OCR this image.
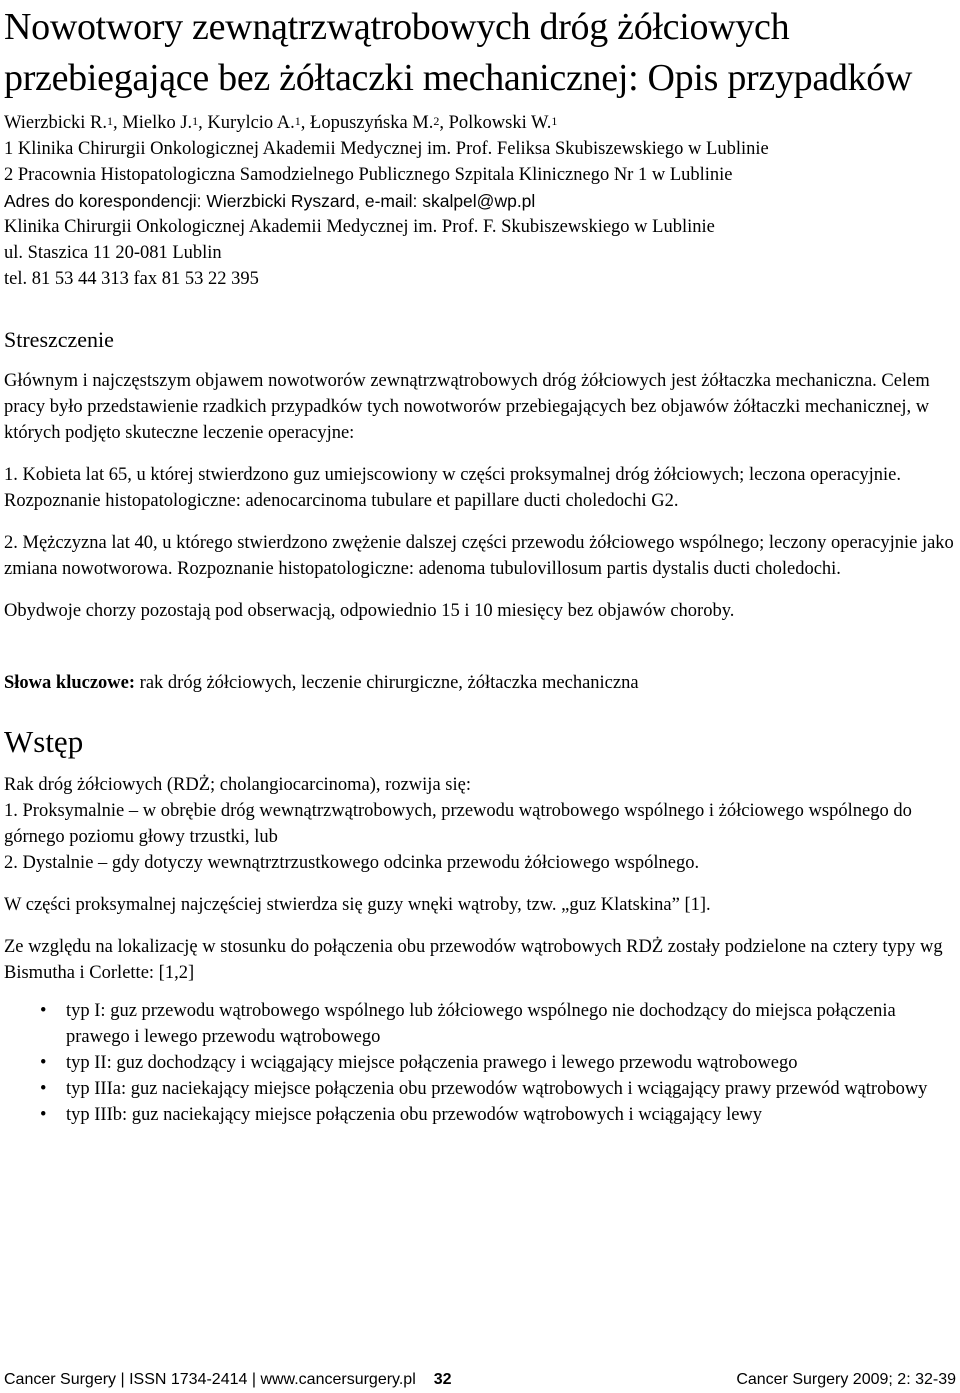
Nowotwory zewnątrzwątrobowych dróg żółciowych przebiegające bez żółtaczki mechanicznej: Opis przypadków
Wierzbicki R.$^1$, Mielko J.$^1$, Kurylcio A.$^1$, Łopuszyńska M.$^2$, Polkowski W.$^1$
1 Klinika Chirurgii Onkologicznej Akademii Medycznej im. Prof. Feliksa Skubiszewskiego w Lublinie
2 Pracownia Histopatologiczna Samodzielnego Publicznego Szpitala Klinicznego Nr 1 w Lublinie
Adres do korespondencji: Wierzbicki Ryszard, e-mail: skalpel@wp.pl
Klinika Chirurgii Onkologicznej Akademii Medycznej im. Prof. F. Skubiszewskiego w Lublinie
ul. Staszica 11 20-081 Lublin
tel. 81 53 44 313 fax 81 53 22 395
Streszczenie

Głównym i najczęstszym objawem nowotworów zewnątrzwątrobowych dróg żółciowych jest żółtaczka mechaniczna. Celem pracy było przedstawienie rzadkich przypadków tych nowotworów przebiegających bez objawów żółtaczki mechanicznej, w których podjęto skuteczne leczenie operacyjne:

1. Kobieta lat 65, u której stwierdzono guz umiejscowiony w części proksymalnej dróg żółciowych; leczona operacyjnie. Rozpoznanie histopatologiczne: adenocarcinoma tubulare et papillare ducti choledochi G2.

2. Mężczyzna lat 40, u którego stwierdzono zwężenie dalszej części przewodu żółciowego wspólnego; leczony operacyjnie jako zmiana nowotworowa. Rozpoznanie histopatologiczne: adenoma tubulovillosum partis dystalis ducti choledochi.

Obydwoje chorzy pozostają pod obserwacją, odpowiednio 15 i 10 miesięcy bez objawów choroby.

Słowa kluczowe: rak dróg żółciowych, leczenie chirurgiczne, żółtaczka mechaniczna

Wstęp

Rak dróg żółciowych (RDŻ; cholangiocarcinoma), rozwija się:

1. Proksymalnie – w obrębie dróg wewnątrzwątrobowych, przewodu wątrobowego wspólnego i żółciowego wspólnego do górnego poziomu głowy trzustki, lub

2. Dystalnie – gdy dotyczy wewnątrztrzustkowego odcinka przewodu żółciowego wspólnego.

W części proksymalnej najczęściej stwierdza się guzy wnęki wątroby, tzw. „guz Klatskina” [1].

Ze względu na lokalizację w stosunku do połączenia obu przewodów wątrobowych RDŻ zostały podzielone na cztery typy wg Bismutha i Corlette: [1,2]

• typ I: guz przewodu wątrobowego wspólnego lub żółciowego wspólnego nie dochodzący do miejsca połączenia prawego i lewego przewodu wątrobowego
• typ II: guz dochodzący i wciągający miejsce połączenia prawego i lewego przewodu wątrobowego
• typ IIIa: guz naciekający miejsce połączenia obu przewodów wątrobowych i wciągający prawy przewód wątrobowy
• typ IIIb: guz naciekający miejsce połączenia obu przewodów wątrobowych i wciągający lewy
Cancer Surgery | ISSN 1734-2414 | www.cancersurgery.pl 32	Cancer Surgery 2009; 2: 32-39
